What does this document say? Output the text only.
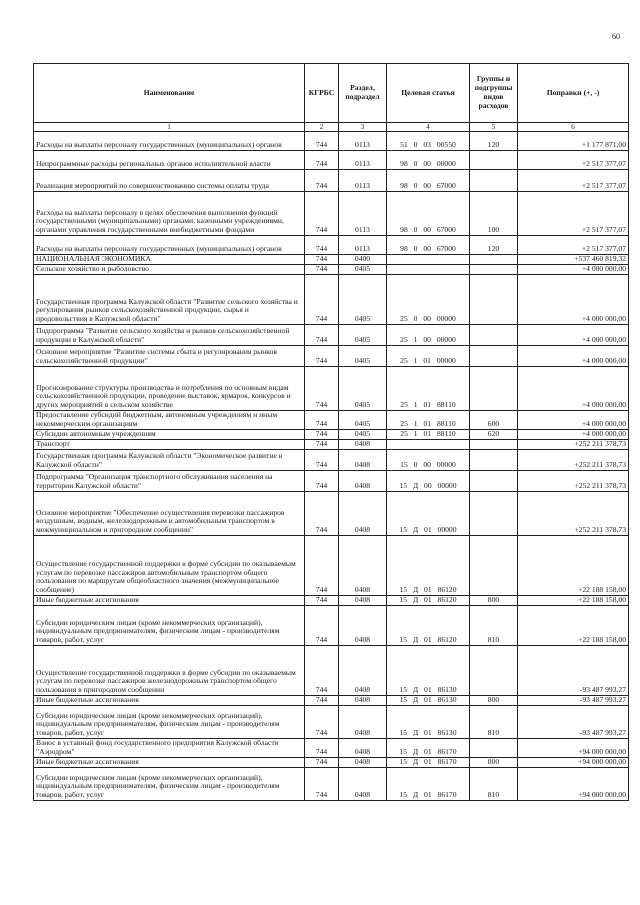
60
Наименование	КГРБС	Раздел, подраздел	Целевая статья	Группы и подгруппы видов расходов	Поправки (+, -)
1	2	3	4	5	6
Расходы на выплаты персоналу государственных (муниципальных) органов	744	0113	51 0 03 00550	120	+1 177 871,00
Непрограммные расходы региональных органов исполнительной власти	744	0113	98 0 00 00000		+2 517 377,07
Реализация мероприятий по совершенствованию системы оплаты труда	744	0113	98 0 00 67000		+2 517 377,07
Расходы на выплаты персоналу в целях обеспечения выполнения функций государственными (муниципальными) органами, казенными учреждениями, органами управления государственными внебюджетными фондами	744	0113	98 0 00 67000	100	+2 517 377,07
Расходы на выплаты персоналу государственных (муниципальных) органов	744	0113	98 0 00 67000	120	+2 517 377,07
НАЦИОНАЛЬНАЯ ЭКОНОМИКА	744	0400			+537 460 819,32
Сельское хозяйство и рыболовство	744	0405			+4 000 000,00
Государственная программа Калужской области "Развитие сельского хозяйства и регулирования рынков сельскохозяйственной продукции, сырья и продовольствия в Калужской области"	744	0405	25 0 00 00000		+4 000 000,00
Подпрограмма "Развитие сельского хозяйства и рынков сельскохозяйственной продукции в Калужской области"	744	0405	25 1 00 00000		+4 000 000,00
Основное мероприятие "Развитие системы сбыта и регулирования рынков сельскохозяйственной продукции"	744	0405	25 1 01 00000		+4 000 000,00
Прогнозирование структуры производства и потребления по основным видам сельскохозяйственной продукции, проведение выставок, ярмарок, конкурсов и других мероприятий в сельском хозяйстве	744	0405	25 1 01 88110		+4 000 000,00
Предоставление субсидий бюджетным, автономным учреждениям и иным некоммерческим организациям	744	0405	25 1 01 88110	600	+4 000 000,00
Субсидии автономным учреждениям	744	0405	25 1 01 88110	620	+4 000 000,00
Транспорт	744	0408			+252 211 378,73
Государственная программа Калужской области "Экономическое развитие в Калужской области"	744	0408	15 0 00 00000		+252 211 378,73
Подпрограмма "Организация транспортного обслуживания населения на территории Калужской области"	744	0408	15 Д 00 00000		+252 211 378,73
Основное мероприятие "Обеспечение осуществления перевозки пассажиров воздушным, водным, железнодорожным и автомобильным транспортом в межмуниципальном и пригородном сообщении"	744	0408	15 Д 01 00000		+252 211 378,73
Осуществление государственной поддержки в форме субсидии по оказываемым услугам по перевозке пассажиров автомобильным транспортом общего пользования по маршрутам общеобластного значения (межмуниципальное сообщение)	744	0408	15 Д 01 86120		+22 188 158,00
Иные бюджетные ассигнования	744	0408	15 Д 01 86120	800	+22 188 158,00
Субсидии юридическим лицам (кроме некоммерческих организаций), индивидуальным предпринимателям, физическим лицам - производителям товаров, работ, услуг	744	0408	15 Д 01 86120	810	+22 188 158,00
Осуществление государственной поддержки в форме субсидии по оказываемым услугам по перевозке пассажиров железнодорожным транспортом общего пользования в пригородном сообщении	744	0408	15 Д 01 86130		-93 487 993,27
Иные бюджетные ассигнования	744	0408	15 Д 01 86130	800	-93 487 993,27
Субсидии юридическим лицам (кроме некоммерческих организаций), индивидуальным предпринимателям, физическим лицам - производителям товаров, работ, услуг	744	0408	15 Д 01 86130	810	-93 487 993,27
Взнос в уставный фонд государственного предприятия Калужской области "Аэродром"	744	0408	15 Д 01 86170		+94 000 000,00
Иные бюджетные ассигнования	744	0408	15 Д 01 86170	800	+94 000 000,00
Субсидии юридическим лицам (кроме некоммерческих организаций), индивидуальным предпринимателям, физическим лицам - производителям товаров, работ, услуг	744	0408	15 Д 01 86170	810	+94 000 000,00
